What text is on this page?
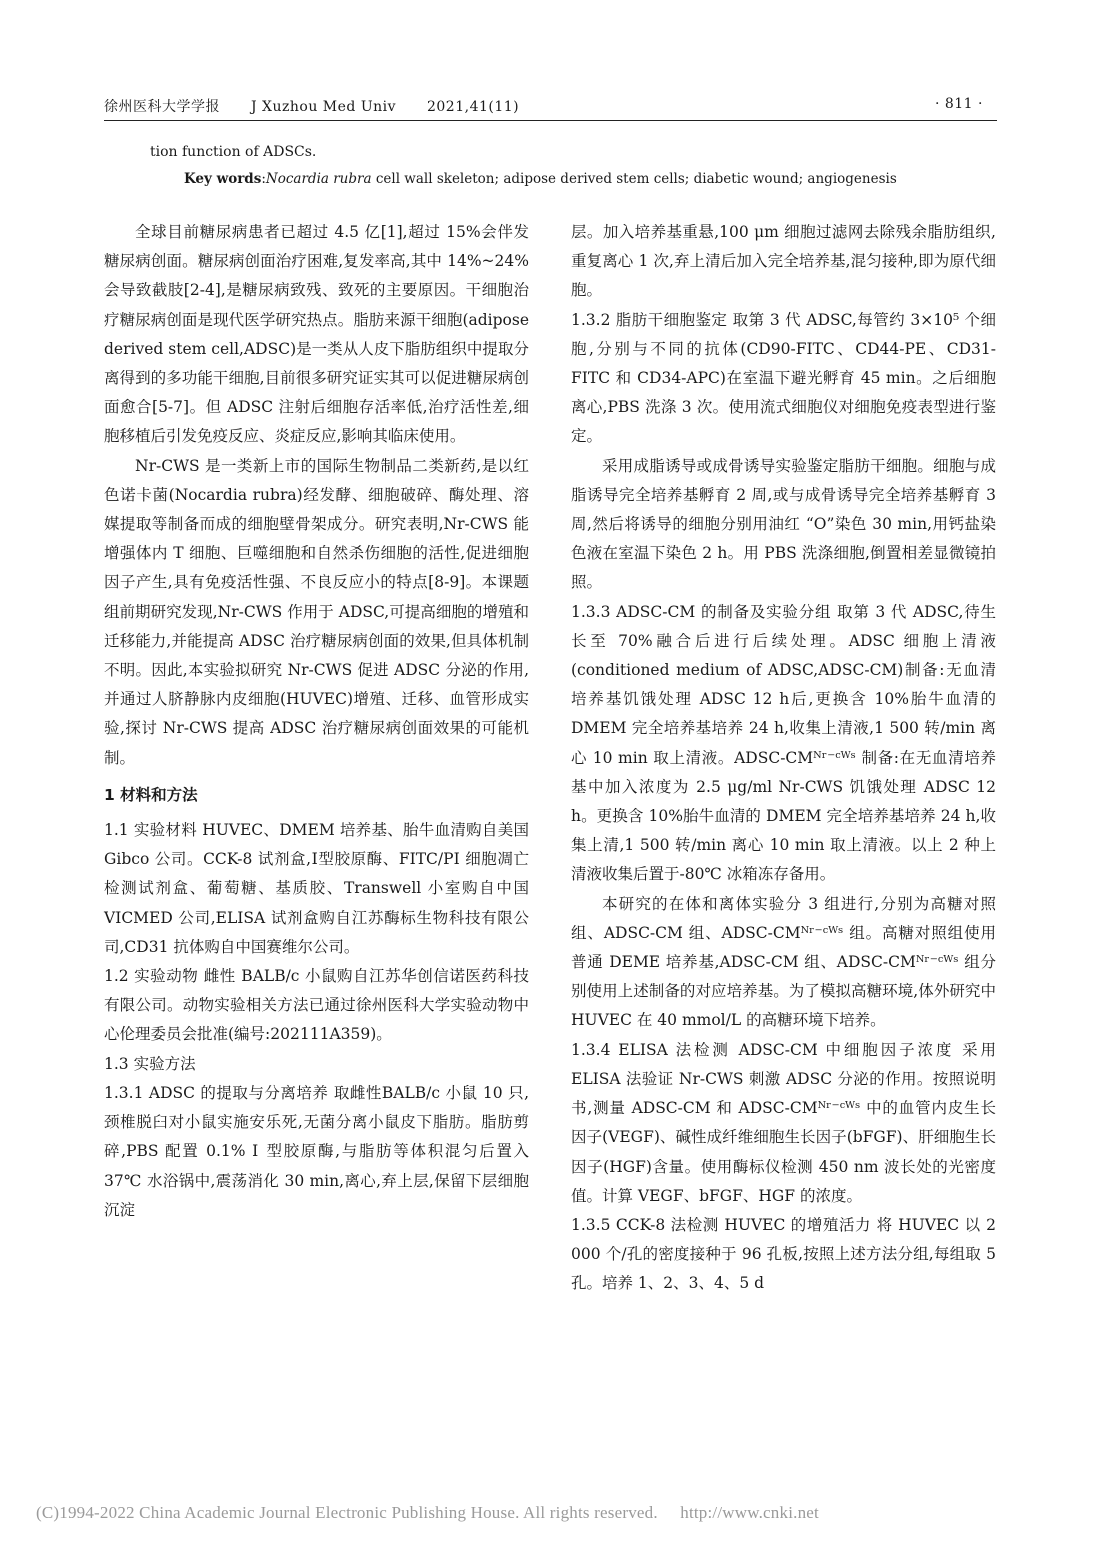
徐州医科大学学报 J Xuzhou Med Univ 2021,41(11)	· 811 ·
tion function of ADSCs.
Key words:Nocardia rubra cell wall skeleton; adipose derived stem cells; diabetic wound; angiogenesis

全球目前糖尿病患者已超过 4.5 亿[1],超过 15%会伴发糖尿病创面。糖尿病创面治疗困难,复发率高,其中 14%~24%会导致截肢[2-4],是糖尿病致残、致死的主要原因。干细胞治疗糖尿病创面是现代医学研究热点。脂肪来源干细胞(adipose derived stem cell,ADSC)是一类从人皮下脂肪组织中提取分离得到的多功能干细胞,目前很多研究证实其可以促进糖尿病创面愈合[5-7]。但 ADSC 注射后细胞存活率低,治疗活性差,细胞移植后引发免疫反应、炎症反应,影响其临床使用。

Nr-CWS 是一类新上市的国际生物制品二类新药,是以红色诺卡菌(Nocardia rubra)经发酵、细胞破碎、酶处理、溶媒提取等制备而成的细胞壁骨架成分。研究表明,Nr-CWS 能增强体内 T 细胞、巨噬细胞和自然杀伤细胞的活性,促进细胞因子产生,具有免疫活性强、不良反应小的特点[8-9]。本课题组前期研究发现,Nr-CWS 作用于 ADSC,可提高细胞的增殖和迁移能力,并能提高 ADSC 治疗糖尿病创面的效果,但具体机制不明。因此,本实验拟研究 Nr-CWS 促进 ADSC 分泌的作用,并通过人脐静脉内皮细胞(HUVEC)增殖、迁移、血管形成实验,探讨 Nr-CWS 提高 ADSC 治疗糖尿病创面效果的可能机制。

1 材料和方法

1.1 实验材料 HUVEC、DMEM 培养基、胎牛血清购自美国 Gibco 公司。CCK-8 试剂盒,Ⅰ型胶原酶、FITC/PI 细胞凋亡检测试剂盒、葡萄糖、基质胶、Transwell 小室购自中国 VICMED 公司,ELISA 试剂盒购自江苏酶标生物科技有限公司,CD31 抗体购自中国赛维尔公司。

1.2 实验动物 雌性 BALB/c 小鼠购自江苏华创信诺医药科技有限公司。动物实验相关方法已通过徐州医科大学实验动物中心伦理委员会批准(编号:202111A359)。

1.3 实验方法

1.3.1 ADSC 的提取与分离培养 取雌性BALB/c 小鼠 10 只,颈椎脱臼对小鼠实施安乐死,无菌分离小鼠皮下脂肪。脂肪剪碎,PBS 配置 0.1% Ⅰ 型胶原酶,与脂肪等体积混匀后置入 37℃ 水浴锅中,震荡消化 30 min,离心,弃上层,保留下层细胞沉淀

层。加入培养基重悬,100 μm 细胞过滤网去除残余脂肪组织,重复离心 1 次,弃上清后加入完全培养基,混匀接种,即为原代细胞。

1.3.2 脂肪干细胞鉴定 取第 3 代 ADSC,每管约 3×10⁵ 个细胞,分别与不同的抗体(CD90-FITC、CD44-PE、CD31-FITC 和 CD34-APC)在室温下避光孵育 45 min。之后细胞离心,PBS 洗涤 3 次。使用流式细胞仪对细胞免疫表型进行鉴定。

采用成脂诱导或成骨诱导实验鉴定脂肪干细胞。细胞与成脂诱导完全培养基孵育 2 周,或与成骨诱导完全培养基孵育 3 周,然后将诱导的细胞分别用油红 “O”染色 30 min,用钙盐染色液在室温下染色 2 h。用 PBS 洗涤细胞,倒置相差显微镜拍照。

1.3.3 ADSC-CM 的制备及实验分组 取第 3 代 ADSC,待生长至 70%融合后进行后续处理。ADSC 细胞上清液(conditioned medium of ADSC,ADSC-CM)制备:无血清培养基饥饿处理 ADSC 12 h后,更换含 10%胎牛血清的 DMEM 完全培养基培养 24 h,收集上清液,1 500 转/min 离心 10 min 取上清液。ADSC-CMᴺʳ⁻ᶜᵂˢ 制备:在无血清培养基中加入浓度为 2.5 μg/ml Nr-CWS 饥饿处理 ADSC 12 h。更换含 10%胎牛血清的 DMEM 完全培养基培养 24 h,收集上清,1 500 转/min 离心 10 min 取上清液。以上 2 种上清液收集后置于-80℃ 冰箱冻存备用。

本研究的在体和离体实验分 3 组进行,分别为高糖对照组、ADSC-CM 组、ADSC-CMᴺʳ⁻ᶜᵂˢ 组。高糖对照组使用普通 DEME 培养基,ADSC-CM 组、ADSC-CMᴺʳ⁻ᶜᵂˢ 组分别使用上述制备的对应培养基。为了模拟高糖环境,体外研究中 HUVEC 在 40 mmol/L 的高糖环境下培养。

1.3.4 ELISA 法检测 ADSC-CM 中细胞因子浓度 采用 ELISA 法验证 Nr-CWS 刺激 ADSC 分泌的作用。按照说明书,测量 ADSC-CM 和 ADSC-CMᴺʳ⁻ᶜᵂˢ 中的血管内皮生长因子(VEGF)、碱性成纤维细胞生长因子(bFGF)、肝细胞生长因子(HGF)含量。使用酶标仪检测 450 nm 波长处的光密度值。计算 VEGF、bFGF、HGF 的浓度。

1.3.5 CCK-8 法检测 HUVEC 的增殖活力 将 HUVEC 以 2 000 个/孔的密度接种于 96 孔板,按照上述方法分组,每组取 5 孔。培养 1、2、3、4、5 d

(C)1994-2022 China Academic Journal Electronic Publishing House. All rights reserved. http://www.cnki.net
